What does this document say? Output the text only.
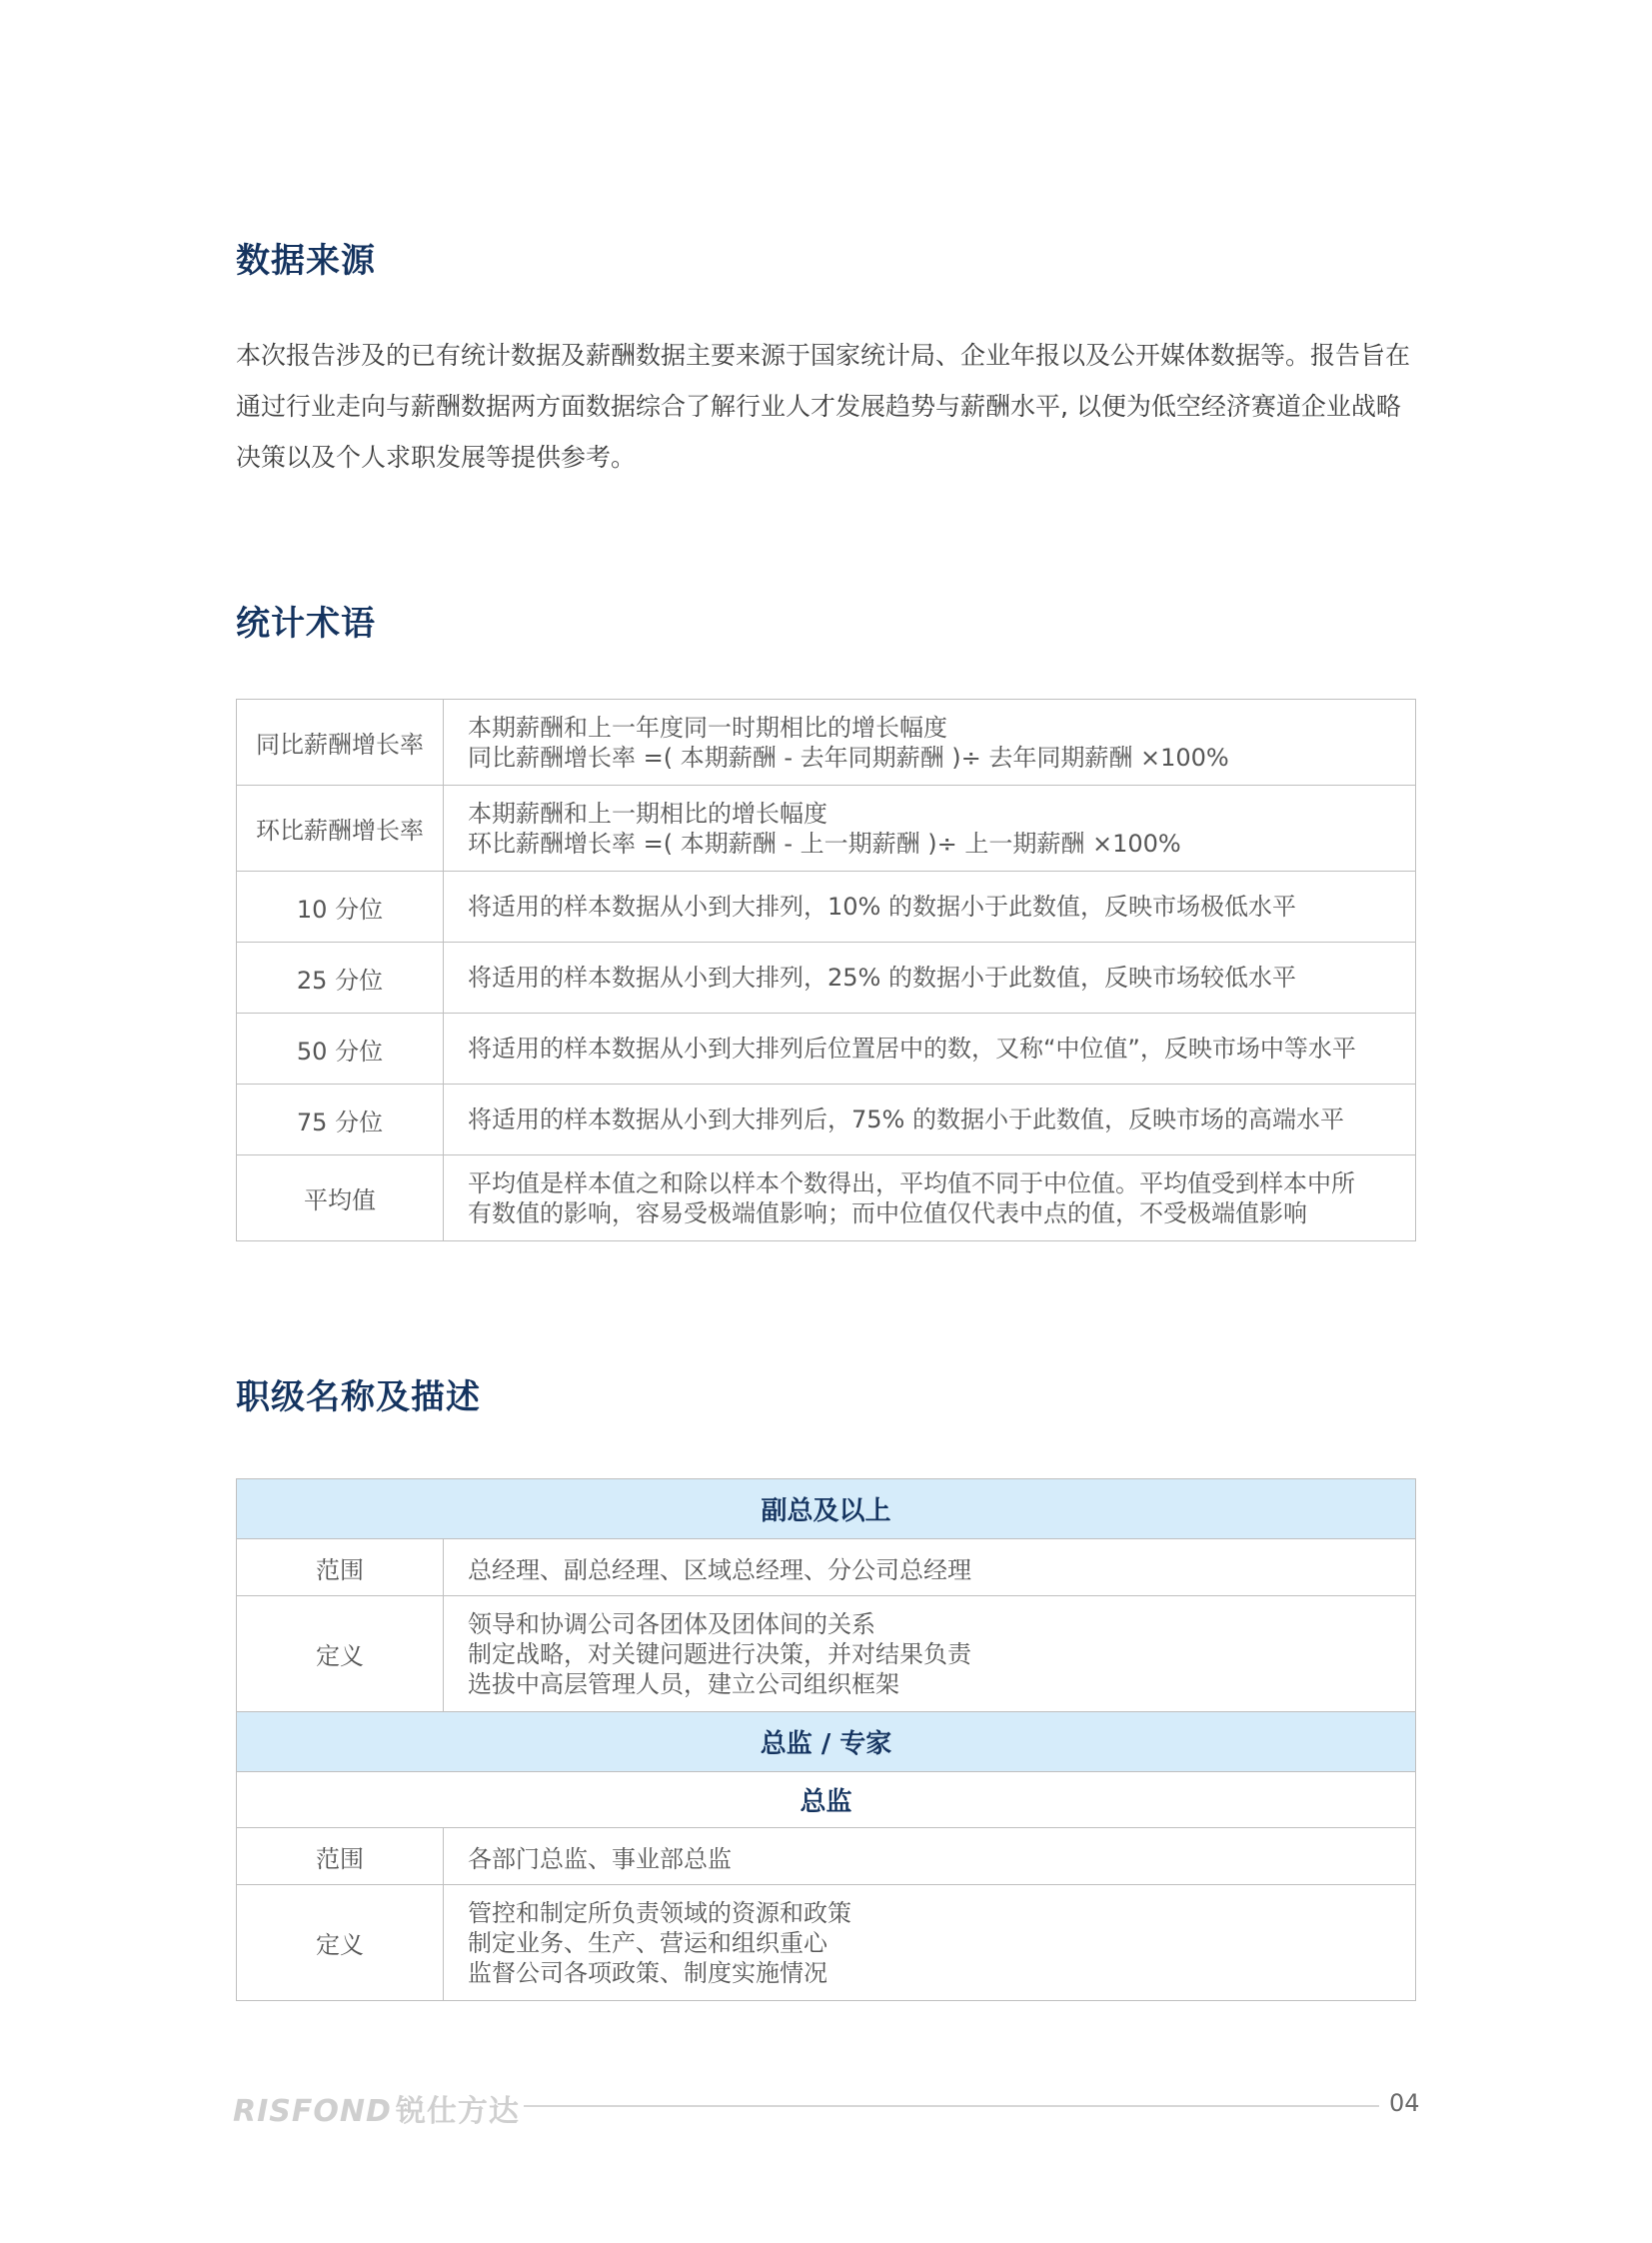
数据来源
本次报告涉及的已有统计数据及薪酬数据主要来源于国家统计局、企业年报以及公开媒体数据等。报告旨在通过行业走向与薪酬数据两方面数据综合了解行业人才发展趋势与薪酬水平, 以便为低空经济赛道企业战略决策以及个人求职发展等提供参考。
统计术语
同比薪酬增长率	本期薪酬和上一年度同一时期相比的增长幅度
同比薪酬增长率 =( 本期薪酬 - 去年同期薪酬 )÷ 去年同期薪酬 ×100%

环比薪酬增长率	本期薪酬和上一期相比的增长幅度
环比薪酬增长率 =( 本期薪酬 - 上一期薪酬 )÷ 上一期薪酬 ×100%

10 分位	将适用的样本数据从小到大排列，10% 的数据小于此数值，反映市场极低水平

25 分位	将适用的样本数据从小到大排列，25% 的数据小于此数值，反映市场较低水平

50 分位	将适用的样本数据从小到大排列后位置居中的数，又称“中位值”，反映市场中等水平

75 分位	将适用的样本数据从小到大排列后，75% 的数据小于此数值，反映市场的高端水平

平均值	平均值是样本值之和除以样本个数得出，平均值不同于中位值。平均值受到样本中所
有数值的影响，容易受极端值影响；而中位值仅代表中点的值，不受极端值影响
职级名称及描述
副总及以上	
范围	总经理、副总经理、区域总经理、分公司总经理
定义	领导和协调公司各团体及团体间的关系
制定战略，对关键问题进行决策，并对结果负责
选拔中高层管理人员，建立公司组织框架

总监 / 专家	
总监	
范围	各部门总监、事业部总监
定义	管控和制定所负责领域的资源和政策
制定业务、生产、营运和组织重心
监督公司各项政策、制度实施情况
RISFOND 锐仕方达	04
